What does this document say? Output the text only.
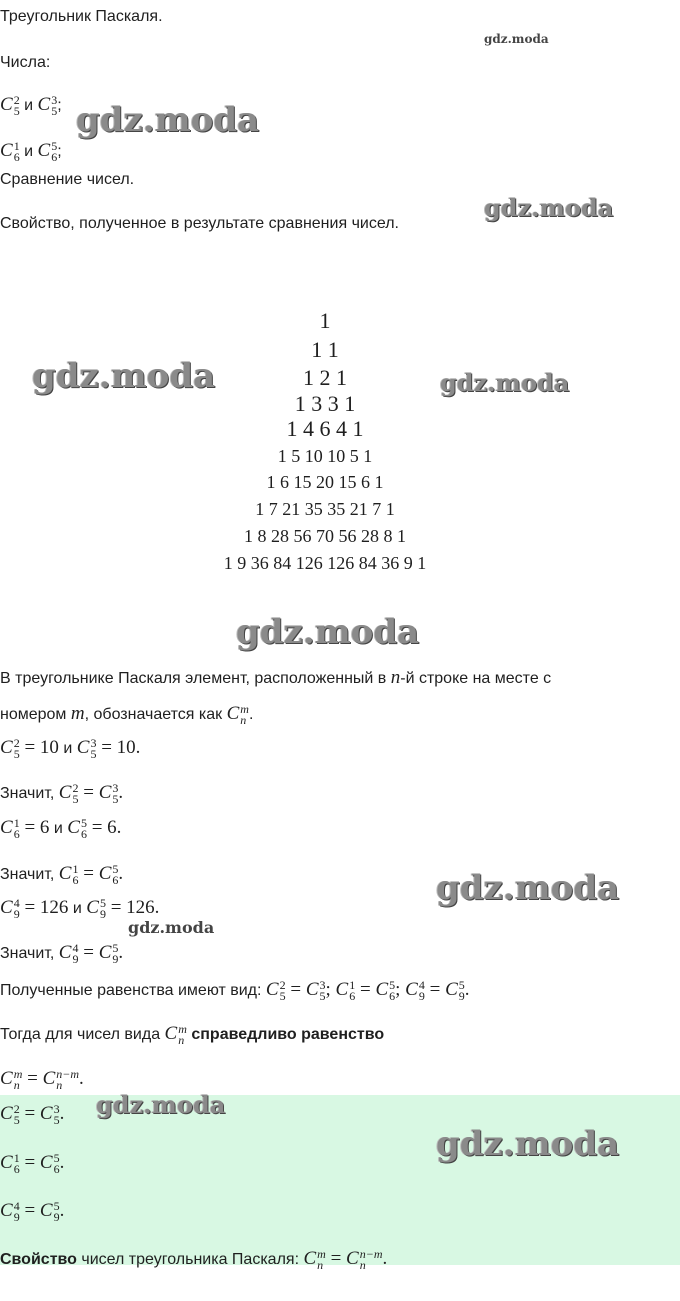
gdz.moda
gdz.moda
gdz.moda
gdz.moda	gdz.moda
gdz.moda
gdz.moda
gdz.moda
Треугольник Паскаля.
Числа:
C 2
5 и C 3
5 ;
C 1
6 и C 5
6 ;
Сравнение чисел.
Свойство, полученное в результате сравнения чисел.
1
1 1
1 2 1
1 3 3 1
1 4 6 4 1
1 5 10 10 5 1
1 6 15 20 15 6 1
1 7 21 35 35 21 7 1
1 8 28 56 70 56 28 8 1
1 9 36 84 126 126 84 36 9 1
В треугольнике Паскаля элемент, расположенный в n-й строке на месте с
номером m, обозначается как C m
n .
C 2
5 = 10 и C 3
5 = 10.
Значит, C 2
5 = C 3
5 .
C 1
6 = 6 и C 5
6 = 6.
Значит, C 1
6 = C 5
6 .
C 4
9 = 126 и C 5
9 = 126.
Значит, C 4
9 = C 5
9 .
Полученные равенства имеют вид: C 2
5 = C 3
5 ; C 1
6 = C 5
6 ; C 4
9 = C 5
9 .
Тогда для чисел вида C m
n справедливо равенство
C m
n = C n−m
n .
gdz.moda
gdz.moda
C 2
5 = C 3
5 .
C 1
6 = C 5
6 .
C 4
9 = C 5
9 .
Свойство чисел треугольника Паскаля: C m
n = C n−m
n .
